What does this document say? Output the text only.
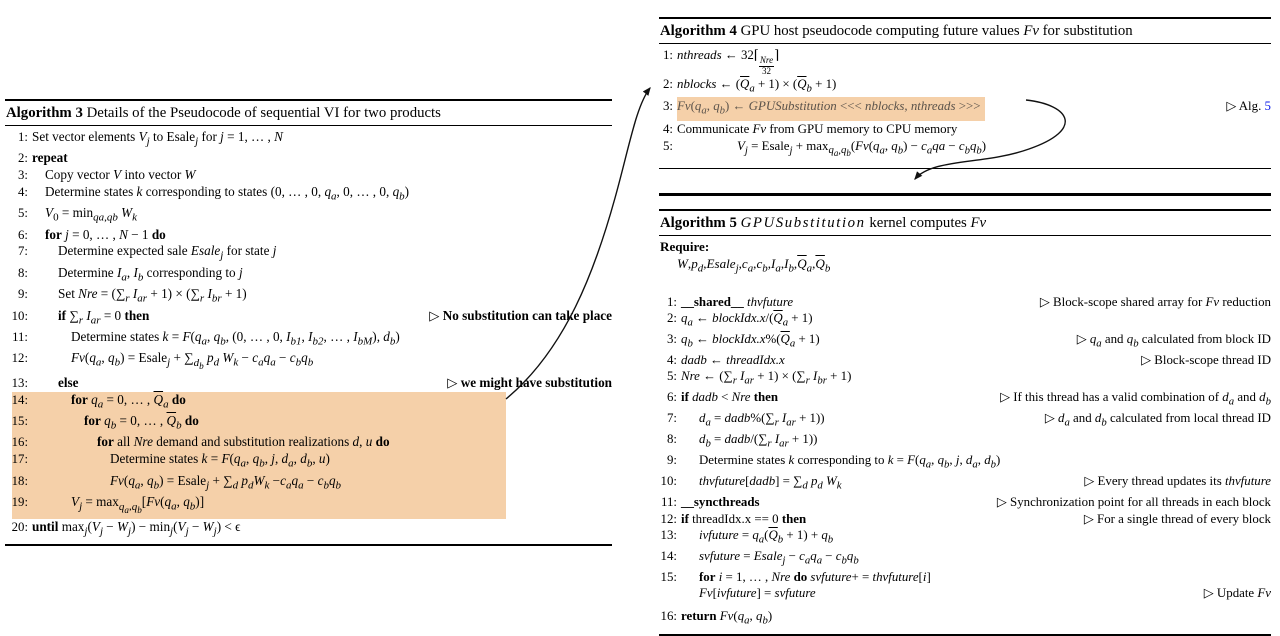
Algorithm 3 Details of the Pseudocode of sequential VI for two products
1: Set vector elements $V_j$ to Esale$_j$ for j = 1, … , N
2: repeat
3:	Copy vector V into vector W
4:	Determine states k corresponding to states (0, … , 0, $q_a$, 0, … , 0, $q_b$)
5:	$V_0 = \min_{qa,qb} W_k$
6:	for j = 0, … , N − 1 do
7:	Determine expected sale Esale$_j$ for state j
8:	Determine $I_a$, $I_b$ corresponding to j
9:	Set Nre = ($\sum_r$ $I_{ar} + 1) \times (\sum_r$ $I_{br} + 1$)
10:	if $\sum_r$ $I_{ar} = 0$ then	▷ No substitution can take place
11:	Determine states $k = F(q_a$, $q_b$, (0, … , 0, $I_{b1}$, $I_{b2}$, … , $I_{bM}$), $d_b$)
12:	$Fv(q_a$, $q_b$) = Esale$_j$ + $\sum_{d_b}$ $p_d$ $W_k - c_aq_a - c_bq_b$
13:	else	▷ we might have substitution
14:	for $q_a = 0$, … , $\overline{Q}_a$ do
15:	for $q_b = 0$, … , $\overline{Q}_b$ do
16:	for all Nre demand and substitution realizations d, u do
17:	Determine states $k = F(q_a$, $q_b$, j, $d_a$, $d_b$, u)
18:	$Fv(q_a$, $q_b$) = Esale$_j$ + $\sum_d$ $p_dW_k -c_aq_a - c_bq_b$
19:	$V_j = \max_{q_a,q_b}[Fv(q_a$, $q_b$)]
20: until $\max_j(V_j - W_j) - \min_j(V_j - W_j) < \epsilon$
Algorithm 4 GPU host pseudocode computing future values Fv for substitution
1: nthreads ← 32⌈
$\frac{\text{Nre}}{32}$
⌉
2: nblocks ← $(\overline{Q}_a + 1) \times (\overline{Q}_b + 1)$
3: $Fv(q_a$, $q_b$) ← GPUSubstitution <<< nblocks, nthreads >>>	▷ Alg. 5
4: Communicate Fv from GPU memory to CPU memory
5:	$V_j$ = Esale$_j$ + $\max_{q_a,q_b}(Fv(q_a$, $q_b) - c_aqa - c_bq_b$)
Algorithm 5 GPUSubstitution kernel computes Fv
Require:
$W,p_d,Esale_j,c_a,c_b,I_a,I_b,\overline{Q}_a,\overline{Q}_b$
1: __shared__ thvfuture	▷ Block-scope shared array for Fv reduction
2: $q_a$ ← $blockIdx.x/(\overline{Q}_a + 1)$
3: $q_b$ ← $blockIdx.x\%(\overline{Q}_a + 1)$	▷ $q_a$ and $q_b$ calculated from block ID
4: dadb ← threadIdx.x	▷ Block-scope thread ID
5: Nre ← ($\sum_r$ $I_{ar} + 1) \times (\sum_r$ $I_{br} + 1$)
6: if dadb < Nre then	▷ If this thread has a valid combination of $d_a$ and $d_b$
7:	$d_a$ = $dadb\%(\sum_r$ $I_{ar} + 1$))	▷ $d_a$ and $d_b$ calculated from local thread ID
8:	$d_b$ = dadb/($\sum_r$ $I_{ar} + 1$))
9:	Determine states k corresponding to $k = F(q_a$, $q_b$, j, $d_a$, $d_b$)
10:	thvfuture[dadb] = $\sum_d$ $p_d$ $W_k$	▷ Every thread updates its thvfuture
11: __syncthreads	▷ Synchronization point for all threads in each block
12: if threadIdx.x == 0 then	▷ For a single thread of every block
13:	ivfuture = $q_a(\overline{Q}_b + 1) + q_b$
14:	svfuture = Esale$_j$ − $c_aq_a - c_bq_b$
15:	for i = 1, … , Nre do svfuture+ = thvfuture[i]
Fv[ivfuture] = svfuture	▷ Update Fv
16: return $Fv(q_a$, $q_b$)
